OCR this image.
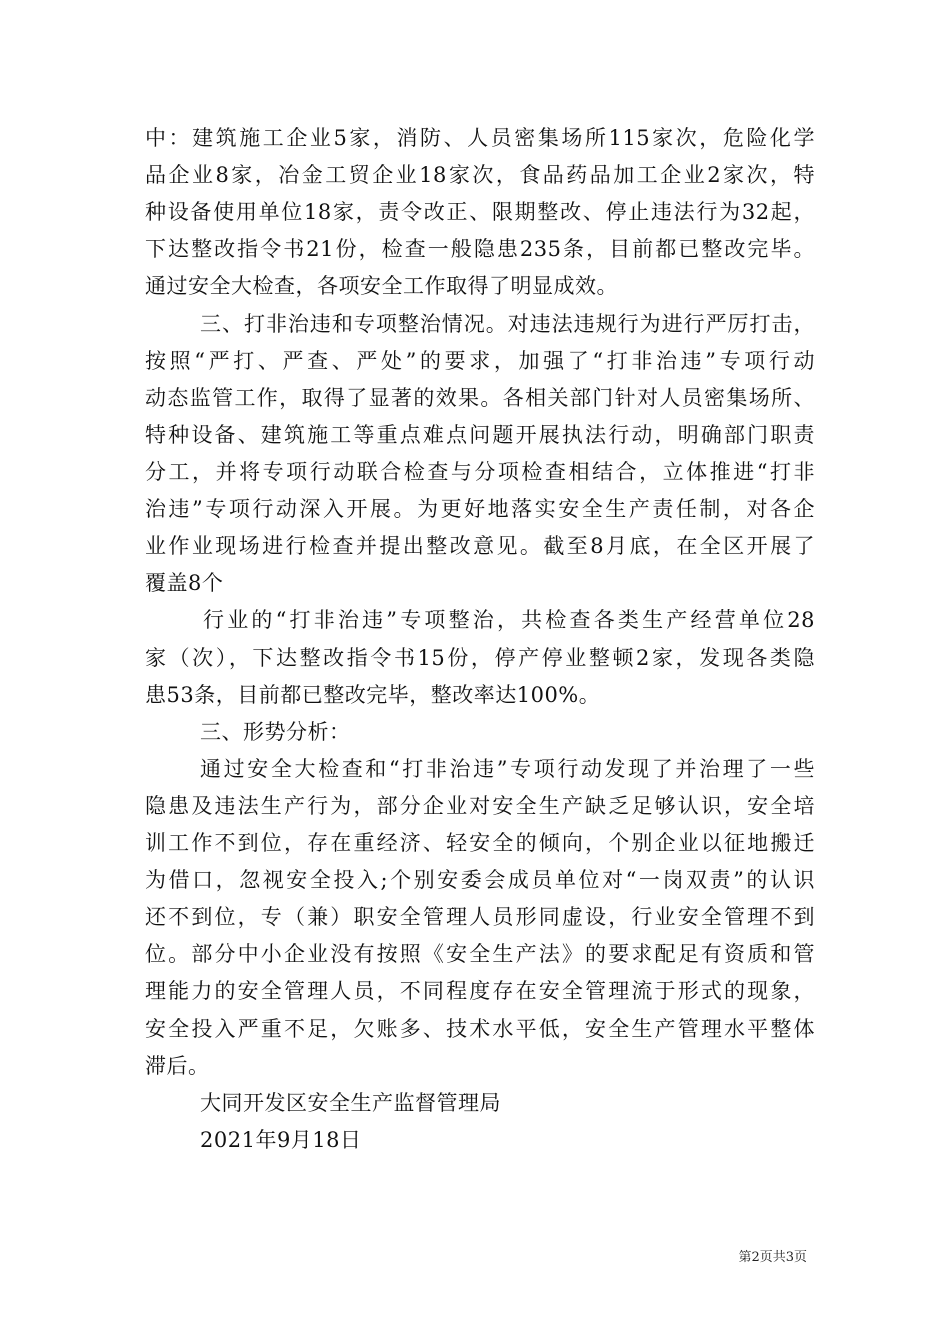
中：建筑施工企业5家，消防、人员密集场所115家次，危险化学
品企业8家，冶金工贸企业18家次，食品药品加工企业2家次，特
种设备使用单位18家，责令改正、限期整改、停止违法行为32起，
下达整改指令书21份，检查一般隐患235条，目前都已整改完毕。
通过安全大检查，各项安全工作取得了明显成效。
三、打非治违和专项整治情况。对违法违规行为进行严厉打击，
按照“严打、严查、严处”的要求，加强了“打非治违”专项行动
动态监管工作，取得了显著的效果。各相关部门针对人员密集场所、
特种设备、建筑施工等重点难点问题开展执法行动，明确部门职责
分工，并将专项行动联合检查与分项检查相结合，立体推进“打非
治违”专项行动深入开展。为更好地落实安全生产责任制，对各企
业作业现场进行检查并提出整改意见。截至8月底，在全区开展了
覆盖8个
行业的“打非治违”专项整治，共检查各类生产经营单位28
家（次），下达整改指令书15份，停产停业整顿2家，发现各类隐
患53条，目前都已整改完毕，整改率达100%。
三、形势分析：
通过安全大检查和“打非治违”专项行动发现了并治理了一些
隐患及违法生产行为，部分企业对安全生产缺乏足够认识，安全培
训工作不到位，存在重经济、轻安全的倾向，个别企业以征地搬迁
为借口，忽视安全投入;个别安委会成员单位对“一岗双责”的认识
还不到位，专（兼）职安全管理人员形同虚设，行业安全管理不到
位。部分中小企业没有按照《安全生产法》的要求配足有资质和管
理能力的安全管理人员，不同程度存在安全管理流于形式的现象，
安全投入严重不足，欠账多、技术水平低，安全生产管理水平整体
滞后。
大同开发区安全生产监督管理局
2021年9月18日
第2页共3页
